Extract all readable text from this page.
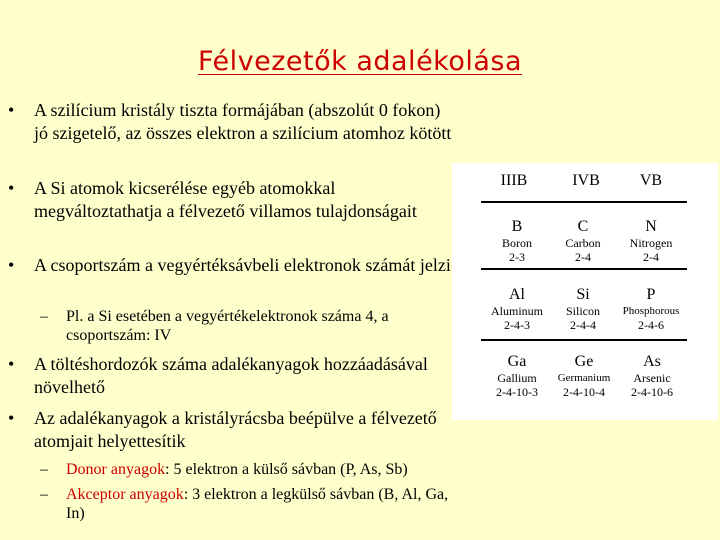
Félvezetők adalékolása
• A szilícium kristály tiszta formájában (abszolút 0 fokon) jó szigetelő, az összes elektron a szilícium atomhoz kötött
• A Si atomok kicserélése egyéb atomokkal megváltoztathatja a félvezető villamos tulajdonságait
• A csoportszám a vegyértéksávbeli elektronok számát jelzi
– Pl. a Si esetében a vegyértékelektronok száma 4, a csoportszám: IV
• A töltéshordozók száma adalékanyagok hozzáadásával növelhető
• Az adalékanyagok a kristályrácsba beépülve a félvezető atomjait helyettesítik
– Donor anyagok: 5 elektron a külső sávban (P, As, Sb)
– Akceptor anyagok: 3 elektron a legkülső sávban (B, Al, Ga, In)
IIIB	IVB	VB
B
Boron
2-3
C
Carbon
2-4
N
Nitrogen
2-4
Al
Aluminum
2-4-3
Si
Silicon
2-4-4
P
Phosphorous
2-4-6
Ga
Gallium
2-4-10-3
Ge
Germanium
2-4-10-4
As
Arsenic
2-4-10-6
